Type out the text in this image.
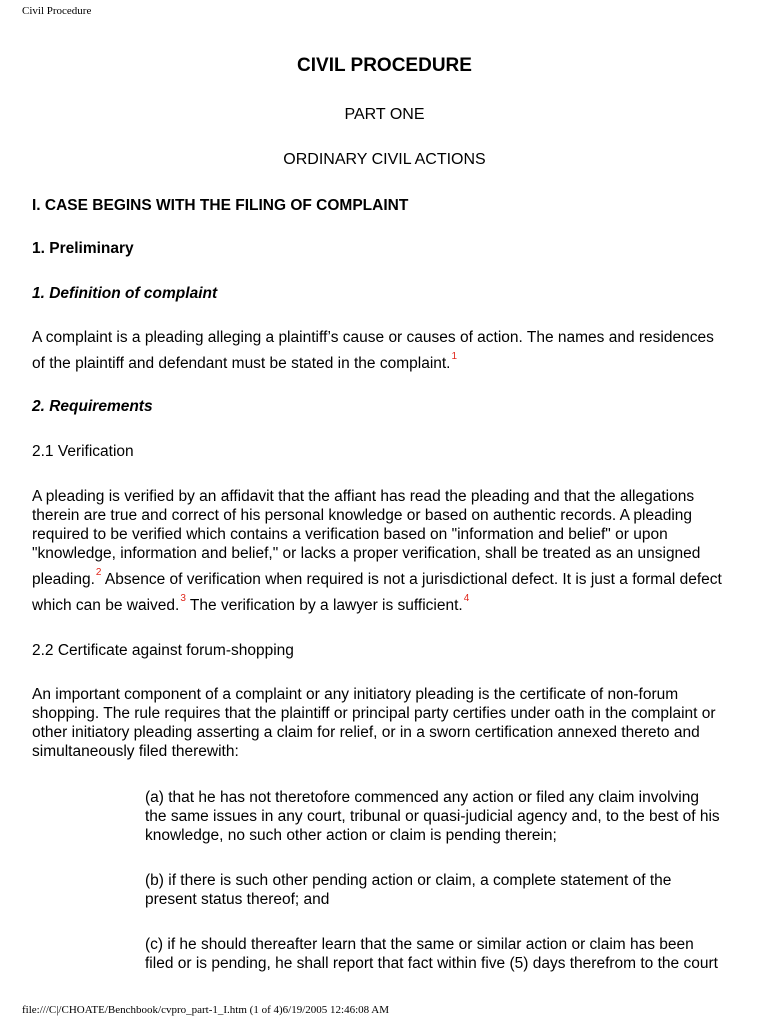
Civil Procedure
CIVIL PROCEDURE
PART ONE
ORDINARY CIVIL ACTIONS
I. CASE BEGINS WITH THE FILING OF COMPLAINT
1. Preliminary
1. Definition of complaint
A complaint is a pleading alleging a plaintiff’s cause or causes of action. The names and residences
of the plaintiff and defendant must be stated in the complaint.$^1$
2. Requirements
2.1 Verification
A pleading is verified by an affidavit that the affiant has read the pleading and that the allegations
therein are true and correct of his personal knowledge or based on authentic records. A pleading
required to be verified which contains a verification based on "information and belief" or upon
"knowledge, information and belief," or lacks a proper verification, shall be treated as an unsigned
pleading.$^2$ Absence of verification when required is not a jurisdictional defect. It is just a formal defect
which can be waived.$^3$ The verification by a lawyer is sufficient.$^4$
2.2 Certificate against forum-shopping
An important component of a complaint or any initiatory pleading is the certificate of non-forum
shopping. The rule requires that the plaintiff or principal party certifies under oath in the complaint or
other initiatory pleading asserting a claim for relief, or in a sworn certification annexed thereto and
simultaneously filed therewith:
(a) that he has not theretofore commenced any action or filed any claim involving
the same issues in any court, tribunal or quasi-judicial agency and, to the best of his
knowledge, no such other action or claim is pending therein;
(b) if there is such other pending action or claim, a complete statement of the
present status thereof; and
(c) if he should thereafter learn that the same or similar action or claim has been
filed or is pending, he shall report that fact within five (5) days therefrom to the court
file:///C|/CHOATE/Benchbook/cvpro_part-1_I.htm (1 of 4)6/19/2005 12:46:08 AM
